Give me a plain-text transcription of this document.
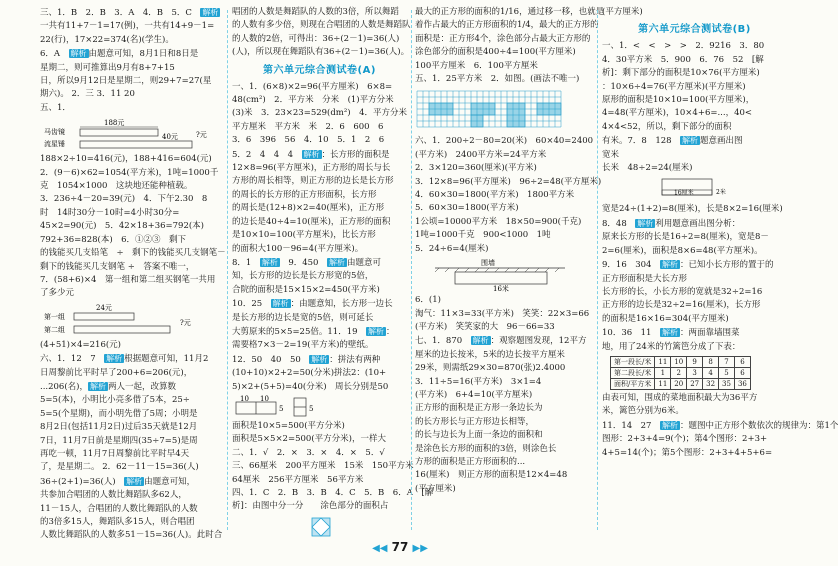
三、1．B　2．B　3．A　4．B　5．C　解析
一共有11+7－1=17(例)，一共有14+9－1=
22(行)，17×22=374(名)(学生)。
6．A　解析 由题意可知，8月1日和8日是
星期二，则可推算出9月有8+7+15
日，所以9月12日是星期二，则29+7=27(星
期六)。 2．三 3．11 20
五、1．
188元
马齿镜
流星锤
40元	?元
188×2÷10=416(元)，188+416=604(元)
2．(9－6)×62=1054(平方米)，1吨=1000千
克　1054×1000　这块地还能种植载。
3．236÷4－20=39(元)　4．下午2.30　8
时　14时30分－10时=4小时30分=
45×2=90(元)　5．42×18+36=792(本)
792+36=828(本)　6．①②③　剩下
的钱能买几支铅笔　÷　剩下的钱能买几支钢笔－
剩下的钱能买几支钢笔 ÷　答案不唯一，
7．(58+6)×4　第一组和第二组买钢笔一共用
了多少元
24元
第一组
第二组
?元
(4+51)×4=216(元)
六、1．12　7　解析 根据题意可知，11月2
日周黎前比平时早了200+6=206(元)，
...206(名)， 解析 两人一起，改算数
5=5(本)，小明比小亮多借了5本，25÷
5=5(个星期)，而小明先借了5周；小明是
8月2日(包括11月2日)过后35天就是12月
7日，11月7日前是星期四(35÷7=5)是周
再吃一顿，11月7日周黎前比平时早4天
了，是星期二。 2．62－11－15=36(人)
36÷(2+1)=36(人)　解析 由题意可知，
共参加合唱团的人数比舞蹈队多62人，
11－15人，合唱团的人数比舞蹈队的人数
的3倍多15人，舞蹈队多15人，则合唱团
人数比舞蹈队的人数多51－15=36(人)。此时合
唱团的人数是舞蹈队的人数的3倍，所以舞蹈
的人数有多少倍，则现在合唱团的人数是舞蹈队
的人数的2倍，可得出：36÷(2－1)=36(人)
(人)，所以现在舞蹈队有36÷(2－1)=36(人)。
第六单元综合测试卷(A)
一、1．(6×8)×2=96(平方厘米)　6×8=
48(cm²)　2．平方米　分米　(1)平方分米
(3)米　3．23×23=529(dm²)　4．平方分米
平方厘米　平方米　米　2．6　600　6
3．6　396　56　4．10　5．1　2　6
5．2　4　4　4　解析 ：长方形的面积是
12×8=96(平方厘米)，正方形的周长与长
方形的周长相等，则正方形的边长是长方形
的周长的长方形的正方形面积，长方形
的周长是(12+8)×2=40(厘米)，正方形
的边长是40÷4=10(厘米)，正方形的面积
是10×10=100(平方厘米)，比长方形
的面积大100－96=4(平方厘米)。
8．1　解析　9．450　解析 由题意可
知，长方形的边长是长方形宽的5倍，
合院的面积是15×15×2=450(平方米)
10．25　解析 ：由题意知，长方形一边长
是长方形的边长是宽的5倍，则可延长
大剪原来的5×5=25倍。11．19　解析 ：
需要格7×3－2=19(平方米)的壁纸。
12．50　40　50　解析 ：拼法有两种
(10+10)×2+2=50(分米)拼法2：(10+
5)×2+(5+5)=40(分米)　周长分别是50
10 10
5	5
面积是10×5=500(平方分米)
面积是5×5×2=500(平方分米)，一样大
二、1．√　2．×　3．×　4．×　5．√
三、66厘米　200平方厘米　15米　150平方米
64厘米　256平方厘米　56平方米
四、1．C　2．B　3．B　4．C　5．B　6．A　[解
析]：由图中分一分　　涂色部分的面积占
最大的正方形的面积的1/16，通过移一移，也就是
着作占最大的正方形面积的1/4，最大的正方形的
面积是：正方形4个，涂色部分占最大正方形的
涂色部分的面积是400÷4=100(平方厘米)
100平方厘米　6．100平方厘米
五、1．25平方米　2．如图。(画法不唯一)
六、1．200÷2－80=20(米)　60×40=2400
(平方米)　2400平方米=24平方米
2．3×120=360(厘米)(平方米)
3．12×8=96(平方厘米)　96÷2=48(平方厘米)
4．60×30=1800(平方米)　1800平方米
5．60×30=1800(平方米)
1公顷=10000平方米　18×50=900(千克)
1吨=1000千克　900<1000　1吨
5．24÷6=4(厘米)
围墙
16米
6．(1)
淘气：11×3=33(平方米)　笑笑：22×3=66
(平方米)　笑笑家的大　96－66=33
七、1．870　解析 ：观察题图发现，12平方
厘米的边长按米，5米的边长按平方厘米
29米，则需纸29×30=870(张)2.4000
3．11÷5=16(平方米)　3×1=4
(平方米)　6+4=10(平方厘米)
正方形的面积是正方形一条边长为
的长方形长与正方形边长相等，
的长与边长为上面一条边的面积和
是涂色长方形的面积的3倍，则涂色长
方形的面积是正方形面积的...
16(厘米)　则正方形的面积是12×4=48
(平方厘米)
(平方厘米)
第六单元综合测试卷(B)
一、1．<　<　>　>　2．9216　3．80
4．30平方米　5．900　6．76　52　[解
析]：剩下部分的面积是10×76(平方厘米)
：10×6÷4=76(平方厘米)(平方厘米)
原形的面积是10×10=100(平方厘米)，
4=48(平方厘米)，10×4+6=...，40<
4×4<52，所以，剩下部分的面积
有米。7．8　128　解析 题意画出图
宽米
长米　48÷2=24(厘米)
16厘米	2米
宽是24÷(1+2)=8(厘米)，长是8×2=16(厘米)
8．48　解析 利用题意画出图分析：
原来长方形的长是16÷2=8(厘米)，宽是8－
2=6(厘米)，面积是8×6=48(平方厘米)。
9．16　304　解析 ：已知小长方形的置于的
正方形面积是大长方形
长方形的长，小长方形的宽就是32÷2=16
正方形的边长是32÷2=16(厘米)，长方形
的面积是16×16=304(平方厘米)
10．36　11　解析 ：两面靠墙围菜
地，用了24米的竹篱笆分成了下表：
第一段长/米	11	10	9	8	7	6
第二段长/米	1	2	3	4	5	6
面积/平方米	11	20	27	32	35	36
由表可知，围成的菜地面积最大为36平方
米，篱笆分别为6米。
11．14　27　解析 ：题图中正方形个数依次的规律为：第1个
图形：2+3+4=9(个)；第4个图形：2+3+
4+5=14(个)；第5个图形：2+3+4+5+6=
◀◀ 77 ▶▶
